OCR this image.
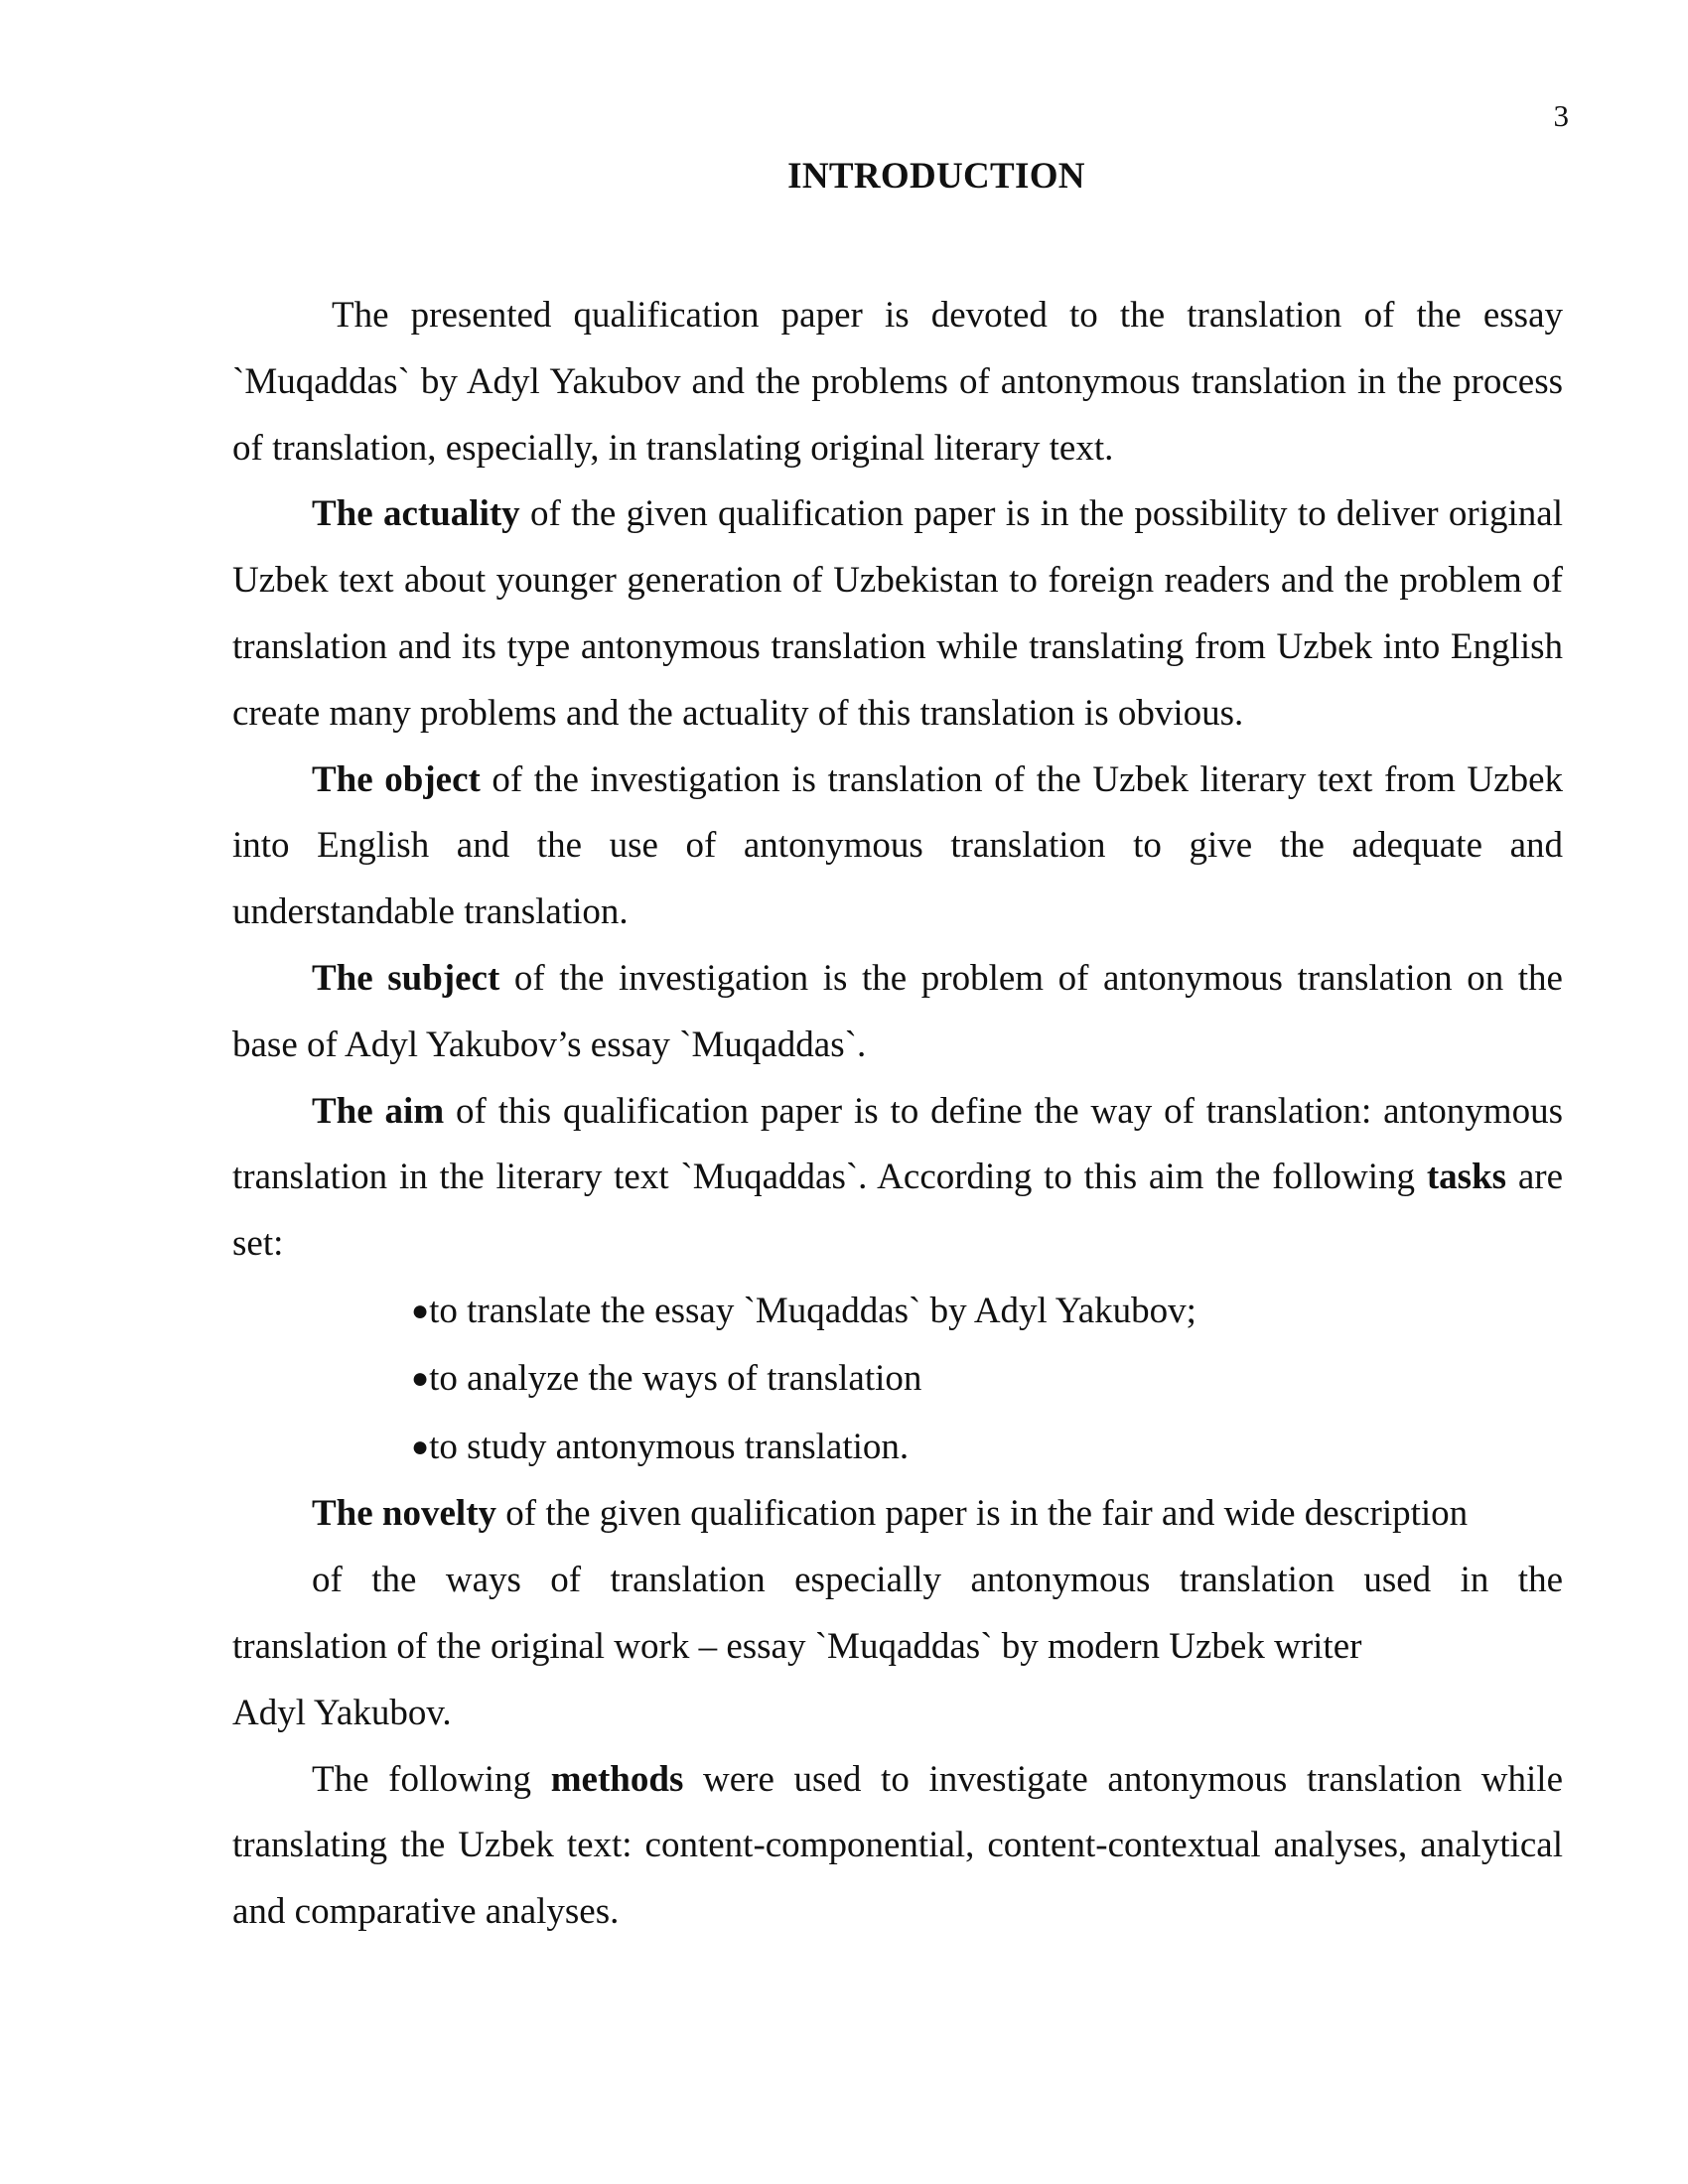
3
INTRODUCTION

The presented qualification paper is devoted to the translation of the essay `Muqaddas` by Adyl Yakubov and the problems of antonymous translation in the process of translation, especially, in translating original literary text.

The actuality of the given qualification paper is in the possibility to deliver original Uzbek text about younger generation of Uzbekistan to foreign readers and the problem of translation and its type antonymous translation while translating from Uzbek into English create many problems and the actuality of this translation is obvious.

The object of the investigation is translation of the Uzbek literary text from Uzbek into English and the use of antonymous translation to give the adequate and understandable translation.

The subject of the investigation is the problem of antonymous translation on the base of Adyl Yakubov’s essay `Muqaddas`.

The aim of this qualification paper is to define the way of translation: antonymous translation in the literary text `Muqaddas`. According to this aim the following tasks are set:

●to translate the essay `Muqaddas` by Adyl Yakubov;
●to analyze the ways of translation
●to study antonymous translation.
The novelty of the given qualification paper is in the fair and wide description
of the ways of translation especially antonymous translation used in the
translation of the original work – essay `Muqaddas` by modern Uzbek writer
Adyl Yakubov.

The following methods were used to investigate antonymous translation while translating the Uzbek text: content-componential, content-contextual analyses, analytical and comparative analyses.
